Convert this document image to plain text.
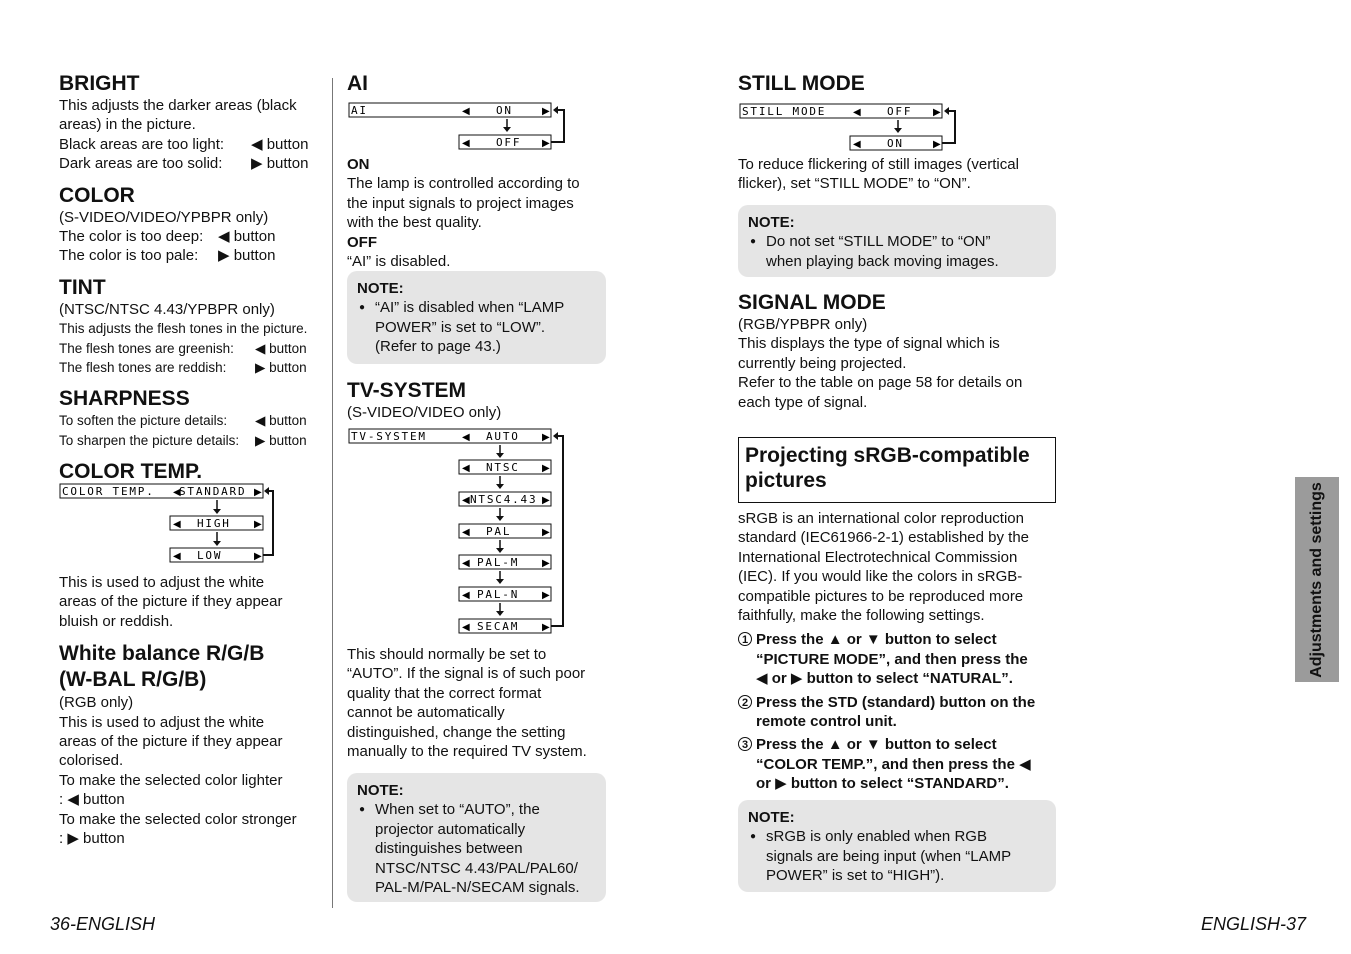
BRIGHT
This adjusts the darker areas (black
areas) in the picture.
Black areas are too light:	◀ button
Dark areas are too solid:	▶ button
COLOR
(S-VIDEO/VIDEO/YPBPR only)
The color is too deep: ◀ button
The color is too pale:	▶ button
TINT
(NTSC/NTSC 4.43/YPBPR only)
This adjusts the flesh tones in the picture.
The flesh tones are greenish:	◀ button
The flesh tones are reddish:	▶ button
SHARPNESS
To soften the picture details:	◀ button
To sharpen the picture details:	▶ button
COLOR TEMP.
COLOR TEMP. ◀
STANDARD ▶
◀ HIGH ▶
◀ LOW	▶
This is used to adjust the white
areas of the picture if they appear
bluish or reddish.
White balance R/G/B
(W-BAL R/G/B)
(RGB only)
This is used to adjust the white
areas of the picture if they appear
colorised.
To make the selected color lighter
: ◀ button
To make the selected color stronger
: ▶ button
36-ENGLISH
AI
AI	◀ ON	▶
◀ OFF ▶
ON
The lamp is controlled according to
the input signals to project images
with the best quality.
OFF
“AI” is disabled.
NOTE:
● “AI” is disabled when “LAMP
POWER” is set to “LOW”.
(Refer to page 43.)
TV-SYSTEM
(S-VIDEO/VIDEO only)
TV-SYSTEM	◀ AUTO ▶
◀ NTSC ▶
◀ NTSC4.43 ▶
◀ PAL	▶
◀ PAL-M ▶
◀ PAL-N ▶
◀ SECAM ▶
This should normally be set to
“AUTO”. If the signal is of such poor
quality that the correct format
cannot be automatically
distinguished, change the setting
manually to the required TV system.
NOTE:
● When set to “AUTO”, the
projector automatically
distinguishes between
NTSC/NTSC 4.43/PAL/PAL60/
PAL-M/PAL-N/SECAM signals.
STILL MODE
STILL MODE	◀ OFF ▶
◀ ON	▶
To reduce flickering of still images (vertical
flicker), set “STILL MODE” to “ON”.
NOTE:
● Do not set “STILL MODE” to “ON”
when playing back moving images.
SIGNAL MODE
(RGB/YPBPR only)
This displays the type of signal which is
currently being projected.
Refer to the table on page 58 for details on
each type of signal.
Projecting sRGB-compatible
pictures
sRGB is an international color reproduction
standard (IEC61966-2-1) established by the
International Electrotechnical Commission
(IEC). If you would like the colors in sRGB-
compatible pictures to be reproduced more
faithfully, make the following settings.
1 Press the ▲ or ▼ button to select
“PICTURE MODE”, and then press the
◀ or ▶ button to select “NATURAL”.
2 Press the STD (standard) button on the
remote control unit.
3 Press the ▲ or ▼ button to select
“COLOR TEMP.”, and then press the ◀
or ▶ button to select “STANDARD”.
NOTE:
● sRGB is only enabled when RGB
signals are being input (when “LAMP
POWER” is set to “HIGH”).
Adjustments and settings
ENGLISH-37
